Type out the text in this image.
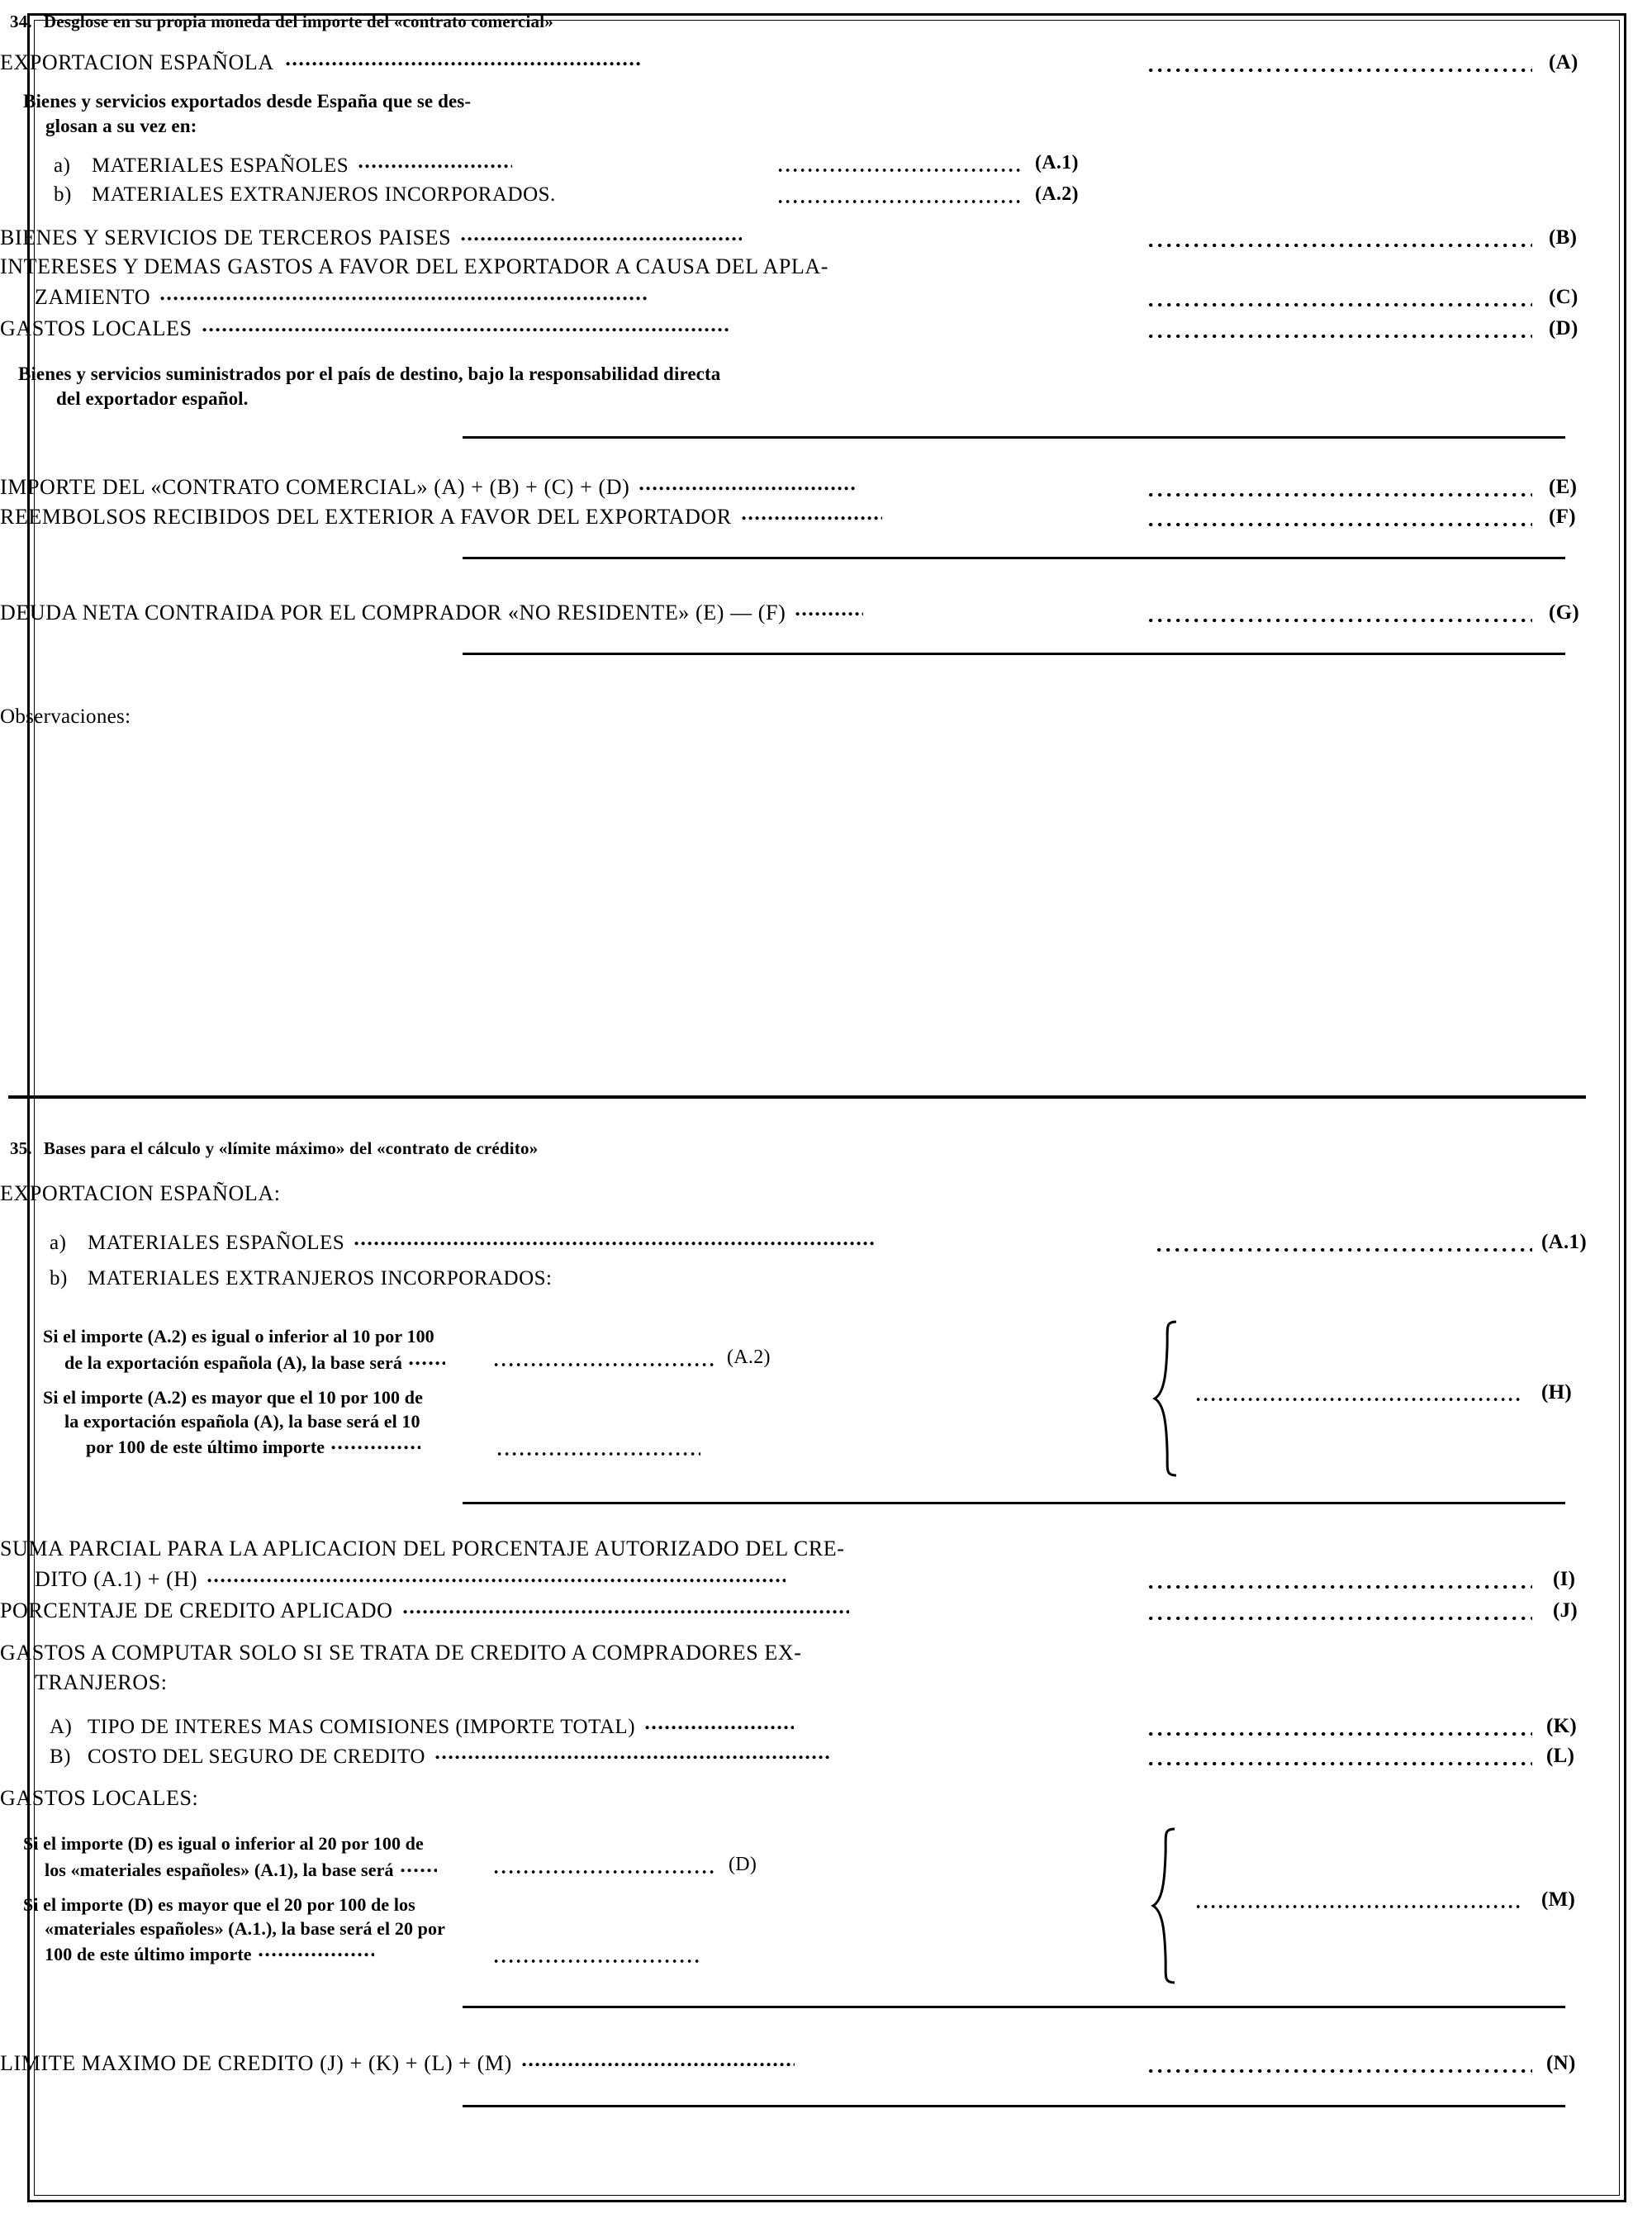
34. Desglose en su propia moneda del importe del «contrato comercial»
EXPORTACION ESPAÑOLA	(A)
Bienes y servicios exportados desde España que se des-
glosan a su vez en:
a)	MATERIALES ESPAÑOLES	(A.1)
b) MATERIALES EXTRANJEROS INCORPORADOS.	(A.2)
BIENES Y SERVICIOS DE TERCEROS PAISES	(B)
INTERESES Y DEMAS GASTOS A FAVOR DEL EXPORTADOR A CAUSA DEL APLA-
ZAMIENTO	(C)
GASTOS LOCALES	(D)
Bienes y servicios suministrados por el país de destino, bajo la responsabilidad directa
del exportador español.
IMPORTE DEL «CONTRATO COMERCIAL» (A) + (B) + (C) + (D)	(E)
REEMBOLSOS RECIBIDOS DEL EXTERIOR A FAVOR DEL EXPORTADOR	(F)
DEUDA NETA CONTRAIDA POR EL COMPRADOR «NO RESIDENTE» (E) — (F)	(G)
Observaciones:
35. Bases para el cálculo y «límite máximo» del «contrato de crédito»
EXPORTACION ESPAÑOLA:
a)	MATERIALES ESPAÑOLES	(A.1)
b) MATERIALES EXTRANJEROS INCORPORADOS:
Si el importe (A.2) es igual o inferior al 10 por 100
de la exportación española (A), la base será	(A.2)
Si el importe (A.2) es mayor que el 10 por 100 de
la exportación española (A), la base será el 10
por 100 de este último importe
(H)
SUMA PARCIAL PARA LA APLICACION DEL PORCENTAJE AUTORIZADO DEL CRE-
DITO (A.1) + (H)	(I)
PORCENTAJE DE CREDITO APLICADO	(J)
GASTOS A COMPUTAR SOLO SI SE TRATA DE CREDITO A COMPRADORES EX-
TRANJEROS:
A) TIPO DE INTERES MAS COMISIONES (IMPORTE TOTAL)	(K)
B) COSTO DEL SEGURO DE CREDITO	(L)
GASTOS LOCALES:
Si el importe (D) es igual o inferior al 20 por 100 de
los «materiales españoles» (A.1), la base será	(D)
Si el importe (D) es mayor que el 20 por 100 de los
«materiales españoles» (A.1.), la base será el 20 por
100 de este último importe
(M)
LIMITE MAXIMO DE CREDITO (J) + (K) + (L) + (M)	(N)
